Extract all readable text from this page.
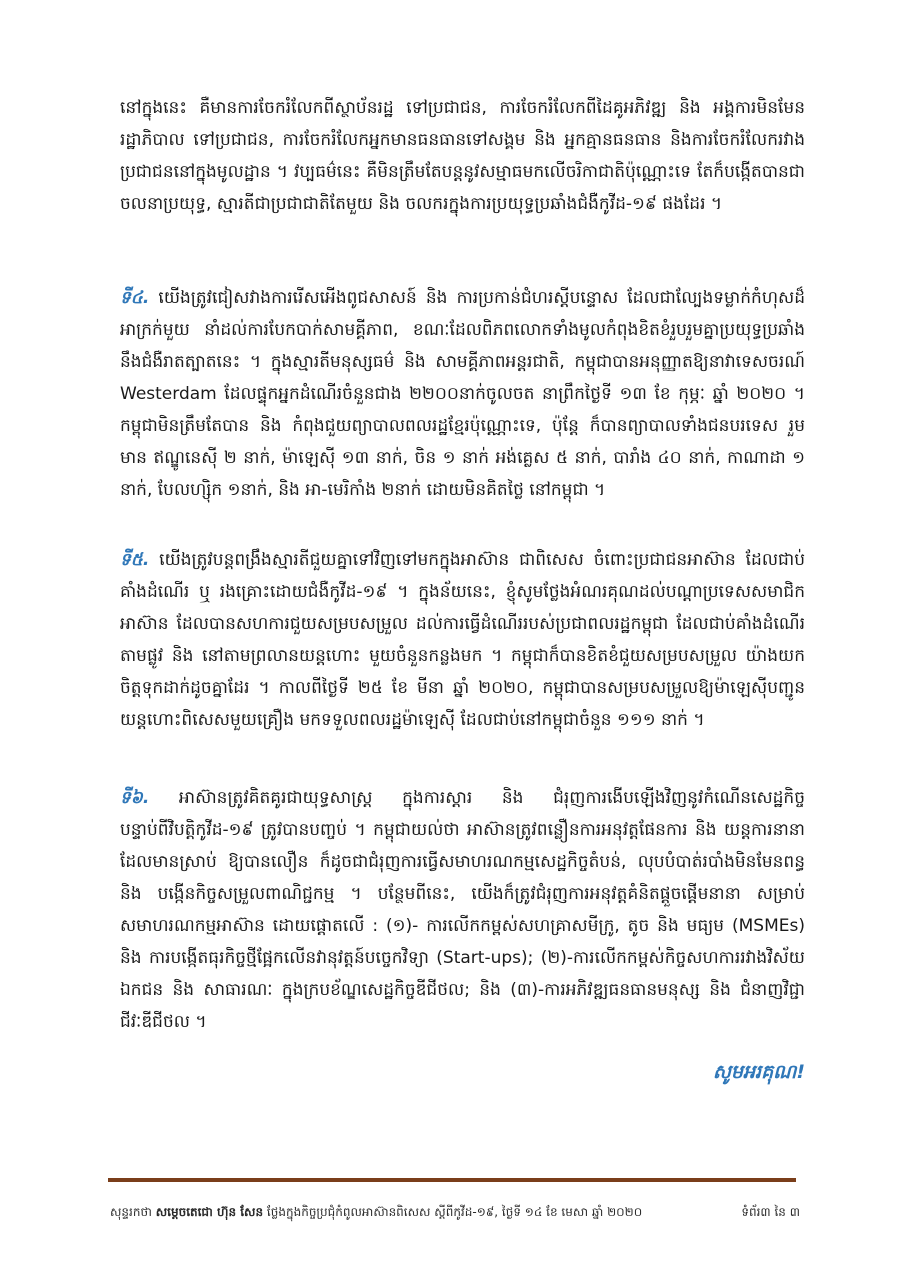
នៅក្នុងនេះ គឺមានការចែករំលែកពីស្ថាប័នរដ្ឋ ទៅប្រជាជន, ការចែករំលែកពីដៃគូអភិវឌ្ឍ និង អង្គការមិនមែនរដ្ឋាភិបាល ទៅប្រជាជន, ការចែករំលែកអ្នកមានធនធានទៅសង្គម និង អ្នកគ្មានធនធាន និងការចែករំលែករវាងប្រជាជននៅក្នុងមូលដ្ឋាន ។ វប្បធម៌នេះ គឺមិនត្រឹមតែបន្តនូវសម្មាធមកលើចរិកាជាតិប៉ុណ្ណោះទេ តែក៏បង្កើតបានជាចលនាប្រយុទ្ធ, ស្មារតីជាប្រជាជាតិតែមួយ និង ចលករក្នុងការប្រយុទ្ធប្រឆាំងជំងឺកូវីដ-១៩ ផងដែរ ។

ទី៤. យើងត្រូវជៀសវាងការរើសអើងពូជសាសន៍ និង ការប្រកាន់ជំហរស្ដីបន្ទោស ដែលជាល្បែងទម្លាក់កំហុសដ៏អាក្រក់មួយ នាំដល់ការបែកបាក់សាមគ្គីភាព, ខណៈដែលពិភពលោកទាំងមូលកំពុងខិតខំរួបរួមគ្នាប្រយុទ្ធប្រឆាំងនឹងជំងឺរាតត្បាតនេះ ។ ក្នុងស្មារតីមនុស្សធម៌ និង សាមគ្គីភាពអន្តរជាតិ, កម្ពុជាបានអនុញ្ញាតឱ្យនាវាទេសចរណ៍ Westerdam ដែលផ្ទុកអ្នកដំណើរចំនួនជាង ២២០០នាក់ចូលចត នាព្រឹកថ្ងៃទី ១៣ ខែ កុម្ភៈ ឆ្នាំ ២០២០ ។ កម្ពុជាមិនត្រឹមតែបាន និង កំពុងជួយព្យាបាលពលរដ្ឋខ្មែរប៉ុណ្ណោះទេ, ប៉ុន្តែ ក៏បានព្យាបាលទាំងជនបរទេស រួមមាន ឥណ្ឌូនេស៊ី ២ នាក់, ម៉ាឡេស៊ី ១៣ នាក់, ចិន ១ នាក់ អង់គ្លេស ៥ នាក់, បារាំង ៤០ នាក់, កាណាដា ១ នាក់, បែលហ្ស៊ិក ១នាក់, និង អា-មេរិកាំង ២នាក់ ដោយមិនគិតថ្លៃ នៅកម្ពុជា ។

ទី៥. យើងត្រូវបន្តពង្រឹងស្មារតីជួយគ្នាទៅវិញទៅមកក្នុងអាស៊ាន ជាពិសេស ចំពោះប្រជាជនអាស៊ាន ដែលជាប់គាំងដំណើរ ឬ រងគ្រោះដោយជំងឺកូវីដ-១៩ ។ ក្នុងន័យនេះ, ខ្ញុំសូមថ្លែងអំណរគុណដល់បណ្ដាប្រទេសសមាជិកអាស៊ាន ដែលបានសហការជួយសម្របសម្រួល ដល់ការធ្វើដំណើររបស់ប្រជាពលរដ្ឋកម្ពុជា ដែលជាប់គាំងដំណើរតាមផ្លូវ និង នៅតាមព្រលានយន្តហោះ មួយចំនួនកន្លងមក ។ កម្ពុជាក៏បានខិតខំជួយសម្របសម្រួល យ៉ាងយកចិត្តទុកដាក់ដូចគ្នាដែរ ។ កាលពីថ្ងៃទី ២៥ ខែ មីនា ឆ្នាំ ២០២០, កម្ពុជាបានសម្របសម្រួលឱ្យម៉ាឡេស៊ីបញ្ជូនយន្តហោះពិសេសមួយគ្រឿង មកទទួលពលរដ្ឋម៉ាឡេស៊ី ដែលជាប់នៅកម្ពុជាចំនួន ១១១ នាក់ ។

ទី៦. អាស៊ានត្រូវគិតគូរជាយុទ្ធសាស្ត្រ ក្នុងការស្ដារ និង ជំរុញការងើបឡើងវិញនូវកំណើនសេដ្ឋកិច្ច បន្ទាប់ពីវិបត្តិកូវីដ-១៩ ត្រូវបានបញ្ចប់ ។ កម្ពុជាយល់ថា អាស៊ានត្រូវពន្លឿនការអនុវត្តផែនការ និង យន្តការនានាដែលមានស្រាប់ ឱ្យបានលឿន ក៏ដូចជាជំរុញការធ្វើសមាហរណកម្មសេដ្ឋកិច្ចតំបន់, លុបបំបាត់របាំងមិនមែនពន្ធ និង បង្កើនកិច្ចសម្រួលពាណិជ្ជកម្ម ។ បន្ថែមពីនេះ, យើងក៏ត្រូវជំរុញការអនុវត្តគំនិតផ្ដួចផ្ដើមនានា សម្រាប់សមាហរណកម្មអាស៊ាន ដោយផ្ដោតលើ : (១)- ការលើកកម្ពស់សហគ្រាសមីក្រូ, តូច និង មធ្យម (MSMEs) និង ការបង្កើតធុរកិច្ចថ្មីផ្អែកលើនវានុវត្តន៍បច្ចេកវិទ្យា (Start-ups); (២)-ការលើកកម្ពស់កិច្ចសហការរវាងវិស័យឯកជន និង សាធារណៈ ក្នុងក្របខ័ណ្ឌសេដ្ឋកិច្ចឌីជីថល; និង (៣)-ការអភិវឌ្ឍធនធានមនុស្ស និង ជំនាញវិជ្ជាជីវៈឌីជីថល ។

សូមអរគុណ!
សុន្ទរកថា សម្ដេចតេជោ ហ៊ុន សែន ថ្លែងក្នុងកិច្ចប្រជុំកំពូលអាស៊ានពិសេស ស្ដីពីកូវីដ-១៩, ថ្ងៃទី ១៤ ខែ មេសា ឆ្នាំ ២០២០	ទំព័រ៣ នៃ ៣
